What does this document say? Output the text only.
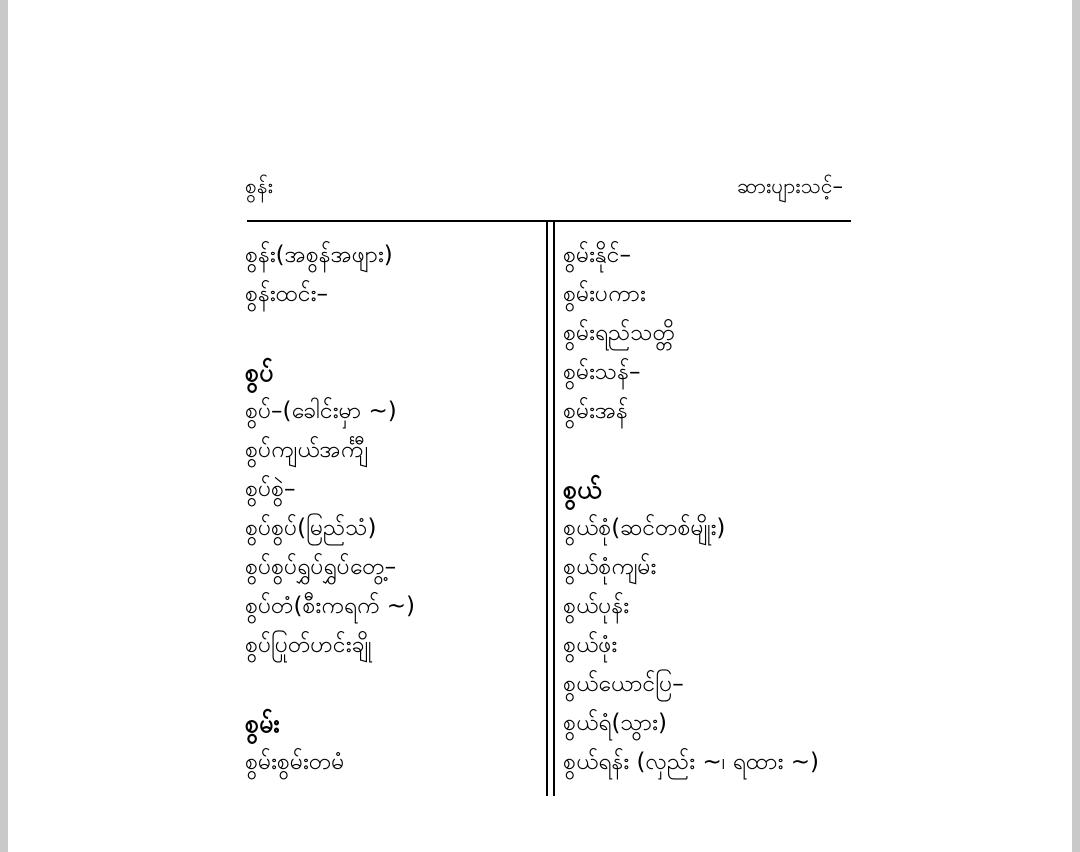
စွန်း	ဆားပျားသင့်–
စွန်း(အစွန်အဖျား)
စွန်းထင်း–
စွပ်
စွပ်–(ခေါင်းမှာ ~)
စွပ်ကျယ်အင်္ကျီ
စွပ်စွဲ–
စွပ်စွပ်(မြည်သံ)
စွပ်စွပ်ရွှပ်ရွှပ်တွေ့–
စွပ်တံ(စီးကရက် ~)
စွပ်ပြုတ်ဟင်းချို
စွမ်း
စွမ်းစွမ်းတမံ
စွမ်းနိုင်–
စွမ်းပကား
စွမ်းရည်သတ္တိ
စွမ်းသန်–
စွမ်းအန်
စွယ်
စွယ်စုံ(ဆင်တစ်မျိုး)
စွယ်စုံကျမ်း
စွယ်ပုန်း
စွယ်ဖုံး
စွယ်ယောင်ပြ–
စွယ်ရံ(သွား)
စွယ်ရန်း (လှည်း ~၊ ရထား ~)
